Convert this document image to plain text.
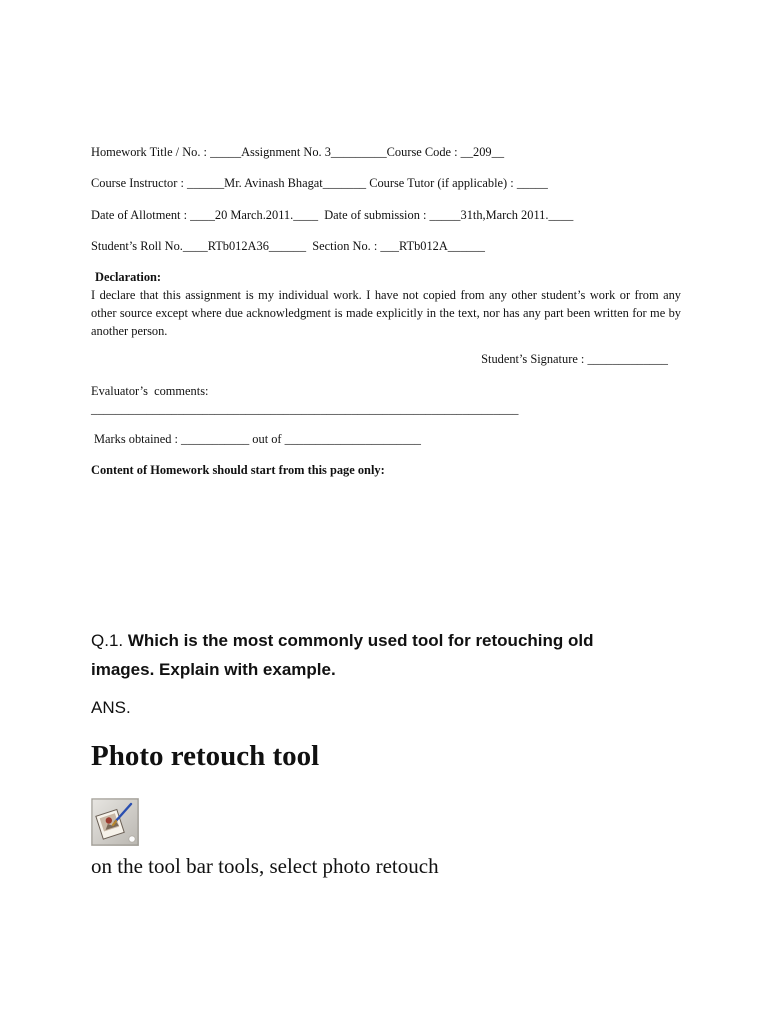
Homework Title / No. : _____Assignment No. 3_________Course Code : __209__
Course Instructor : ______Mr. Avinash Bhagat_______ Course Tutor (if applicable) : _____
Date of Allotment : ____20 March.2011.____  Date of submission : _____31th,March 2011.____
Student’s Roll No.____RTb012A36______  Section No. : ___RTb012A______
Declaration:
I declare that this assignment is my individual work. I have not copied from any other student’s work or from any other source except where due acknowledgment is made explicitly in the text, nor has any part been written for me by another person.
Student’s Signature : _____________
Evaluator’s  comments:
_____________________________________________________________________
Marks obtained : ___________ out of ______________________
Content of Homework should start from this page only:
Q.1. Which is the most commonly used tool for retouching old images. Explain with example.
ANS.
Photo retouch tool
on the tool bar tools, select photo retouch
